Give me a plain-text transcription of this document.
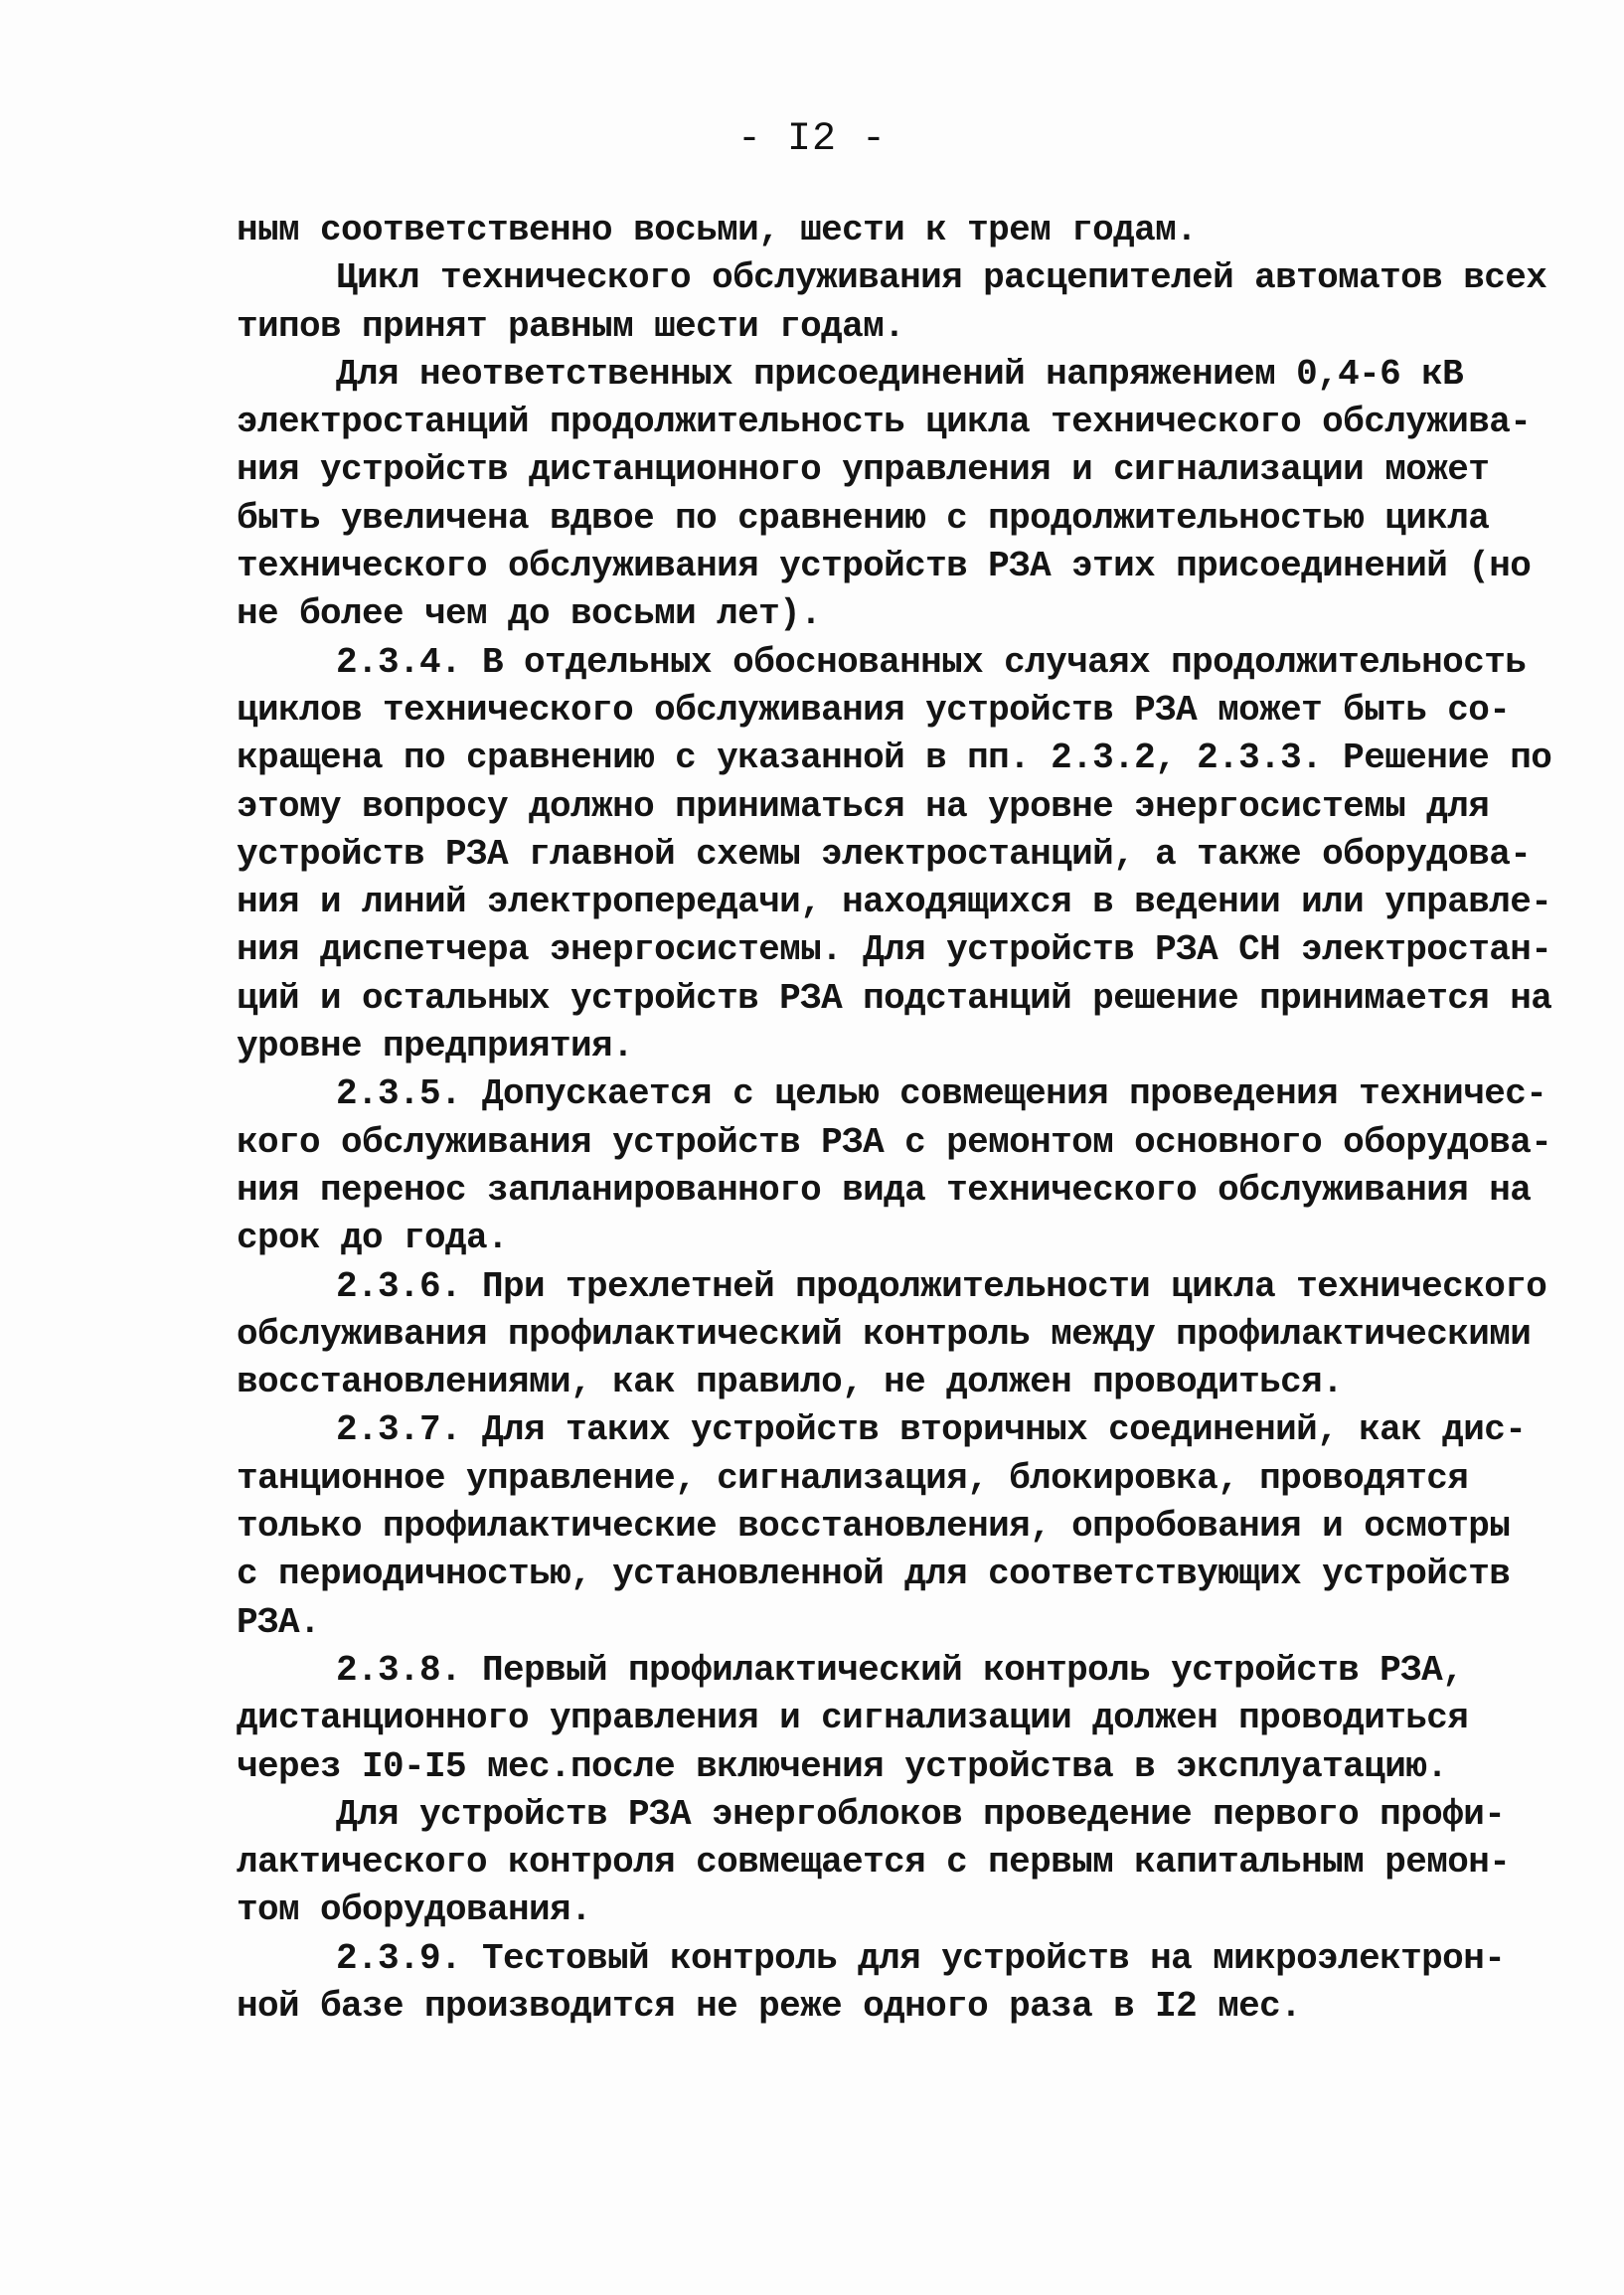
- I2 -
ным соответственно восьми, шести к трем годам.
Цикл технического обслуживания расцепителей автоматов всех
типов принят равным шести годам.
Для неответственных присоединений напряжением 0,4-6 кВ
электростанций продолжительность цикла технического обслужива-
ния устройств дистанционного управления и сигнализации может
быть увеличена вдвое по сравнению с продолжительностью цикла
технического обслуживания устройств РЗА этих присоединений (но
не более чем до восьми лет).
2.3.4. В отдельных обоснованных случаях продолжительность
циклов технического обслуживания устройств РЗА может быть со-
кращена по сравнению с указанной в пп. 2.3.2, 2.3.3. Решение по
этому вопросу должно приниматься на уровне энергосистемы для
устройств РЗА главной схемы электростанций, а также оборудова-
ния и линий электропередачи, находящихся в ведении или управле-
ния диспетчера энергосистемы. Для устройств РЗА СН электростан-
ций и остальных устройств РЗА подстанций решение принимается на
уровне предприятия.
2.3.5. Допускается с целью совмещения проведения техничес-
кого обслуживания устройств РЗА с ремонтом основного оборудова-
ния перенос запланированного вида технического обслуживания на
срок до года.
2.3.6. При трехлетней продолжительности цикла технического
обслуживания профилактический контроль между профилактическими
восстановлениями, как правило, не должен проводиться.
2.3.7. Для таких устройств вторичных соединений, как дис-
танционное управление, сигнализация, блокировка, проводятся
только профилактические восстановления, опробования и осмотры
с периодичностью, установленной для соответствующих устройств
РЗА.
2.3.8. Первый профилактический контроль устройств РЗА,
дистанционного управления и сигнализации должен проводиться
через I0-I5 мес.после включения устройства в эксплуатацию.
Для устройств РЗА энергоблоков проведение первого профи-
лактического контроля совмещается с первым капитальным ремон-
том оборудования.
2.3.9. Тестовый контроль для устройств на микроэлектрон-
ной базе производится не реже одного раза в I2 мес.
